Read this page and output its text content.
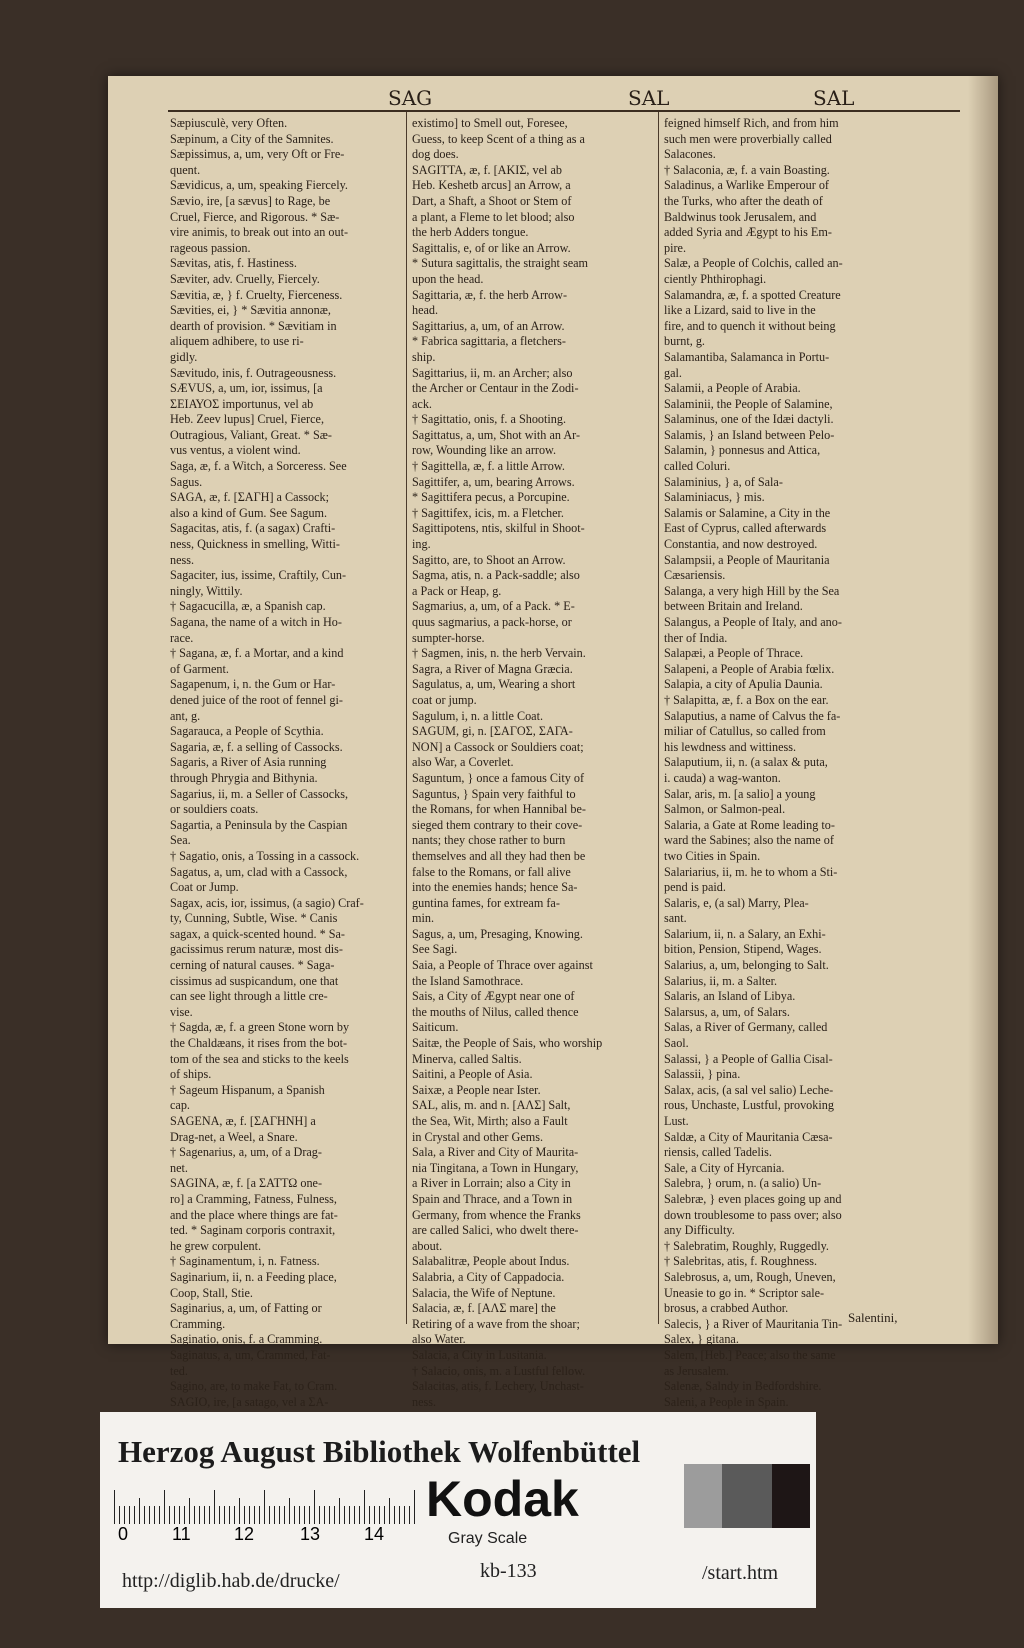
SAG	SAL	SAL
Sæpiusculè, very Often.
Sæpinum, a City of the Samnites.
Sæpissimus, a, um, very Oft or Fre-
quent.
Sævidicus, a, um, speaking Fiercely.
Sævio, ire, [a sævus] to Rage, be
Cruel, Fierce, and Rigorous. * Sæ-
vire animis, to break out into an out-
rageous passion.
Sævitas, atis, f. Hastiness.
Sæviter, adv. Cruelly, Fiercely.
Sævitia, æ, } f. Cruelty, Fierceness.
Sævities, ei, } * Sævitia annonæ,
dearth of provision. * Sævitiam in
aliquem adhibere, to use ri-
gidly.
Sævitudo, inis, f. Outrageousness.
SÆVUS, a, um, ior, issimus, [a
ΣΕΙΑΥΟΣ importunus, vel ab
Heb. Zeev lupus] Cruel, Fierce,
Outragious, Valiant, Great. * Sæ-
vus ventus, a violent wind.
Saga, æ, f. a Witch, a Sorceress. See
Sagus.
SAGA, æ, f. [ΣΑΓΗ] a Cassock;
also a kind of Gum. See Sagum.
Sagacitas, atis, f. (a sagax) Crafti-
ness, Quickness in smelling, Witti-
ness.
Sagaciter, ius, issime, Craftily, Cun-
ningly, Wittily.
† Sagacucilla, æ, a Spanish cap.
Sagana, the name of a witch in Ho-
race.
† Sagana, æ, f. a Mortar, and a kind
of Garment.
Sagapenum, i, n. the Gum or Har-
dened juice of the root of fennel gi-
ant, g.
Sagarauca, a People of Scythia.
Sagaria, æ, f. a selling of Cassocks.
Sagaris, a River of Asia running
through Phrygia and Bithynia.
Sagarius, ii, m. a Seller of Cassocks,
or souldiers coats.
Sagartia, a Peninsula by the Caspian
Sea.
† Sagatio, onis, a Tossing in a cassock.
Sagatus, a, um, clad with a Cassock,
Coat or Jump.
Sagax, acis, ior, issimus, (a sagio) Craf-
ty, Cunning, Subtle, Wise. * Canis
sagax, a quick-scented hound. * Sa-
gacissimus rerum naturæ, most dis-
cerning of natural causes. * Saga-
cissimus ad suspicandum, one that
can see light through a little cre-
vise.
† Sagda, æ, f. a green Stone worn by
the Chaldæans, it rises from the bot-
tom of the sea and sticks to the keels
of ships.
† Sageum Hispanum, a Spanish
cap.
SAGENA, æ, f. [ΣΑΓΗΝΗ] a
Drag-net, a Weel, a Snare.
† Sagenarius, a, um, of a Drag-
net.
SAGINA, æ, f. [a ΣΑΤΤΩ one-
ro] a Cramming, Fatness, Fulness,
and the place where things are fat-
ted. * Saginam corporis contraxit,
he grew corpulent.
† Saginamentum, i, n. Fatness.
Saginarium, ii, n. a Feeding place,
Coop, Stall, Stie.
Saginarius, a, um, of Fatting or
Cramming.
Saginatio, onis, f. a Cramming.
Saginatus, a, um, Crammed, Fat-
ted.
Sagino, are, to make Fat, to Cram.
SAGIO, ire, [a satago, vel a ΣΑ-
existimo] to Smell out, Foresee,
Guess, to keep Scent of a thing as a
dog does.
SAGITTA, æ, f. [ΑΚΙΣ, vel ab
Heb. Keshetb arcus] an Arrow, a
Dart, a Shaft, a Shoot or Stem of
a plant, a Fleme to let blood; also
the herb Adders tongue.
Sagittalis, e, of or like an Arrow.
* Sutura sagittalis, the straight seam
upon the head.
Sagittaria, æ, f. the herb Arrow-
head.
Sagittarius, a, um, of an Arrow.
* Fabrica sagittaria, a fletchers-
ship.
Sagittarius, ii, m. an Archer; also
the Archer or Centaur in the Zodi-
ack.
† Sagittatio, onis, f. a Shooting.
Sagittatus, a, um, Shot with an Ar-
row, Wounding like an arrow.
† Sagittella, æ, f. a little Arrow.
Sagittifer, a, um, bearing Arrows.
* Sagittifera pecus, a Porcupine.
† Sagittifex, icis, m. a Fletcher.
Sagittipotens, ntis, skilful in Shoot-
ing.
Sagitto, are, to Shoot an Arrow.
Sagma, atis, n. a Pack-saddle; also
a Pack or Heap, g.
Sagmarius, a, um, of a Pack. * E-
quus sagmarius, a pack-horse, or
sumpter-horse.
† Sagmen, inis, n. the herb Vervain.
Sagra, a River of Magna Græcia.
Sagulatus, a, um, Wearing a short
coat or jump.
Sagulum, i, n. a little Coat.
SAGUM, gi, n. [ΣΑΓΟΣ, ΣΑΓΑ-
NON] a Cassock or Souldiers coat;
also War, a Coverlet.
Saguntum, } once a famous City of
Saguntus, } Spain very faithful to
the Romans, for when Hannibal be-
sieged them contrary to their cove-
nants; they chose rather to burn
themselves and all they had then be
false to the Romans, or fall alive
into the enemies hands; hence Sa-
guntina fames, for extream fa-
min.
Sagus, a, um, Presaging, Knowing.
See Sagi.
Saia, a People of Thrace over against
the Island Samothrace.
Sais, a City of Ægypt near one of
the mouths of Nilus, called thence
Saiticum.
Saitæ, the People of Sais, who worship
Minerva, called Saltis.
Saitini, a People of Asia.
Saixæ, a People near Ister.
SAL, alis, m. and n. [ΑΛΣ] Salt,
the Sea, Wit, Mirth; also a Fault
in Crystal and other Gems.
Sala, a River and City of Maurita-
nia Tingitana, a Town in Hungary,
a River in Lorrain; also a City in
Spain and Thrace, and a Town in
Germany, from whence the Franks
are called Salici, who dwelt there-
about.
Salabalitræ, People about Indus.
Salabria, a City of Cappadocia.
Salacia, the Wife of Neptune.
Salacia, æ, f. [ΑΛΣ mare] the
Retiring of a wave from the shoar;
also Water.
Salacia, a City in Lusitania.
† Salacio, onis, m. a Lustful fellow.
Salacitas, atis, f. Lechery, Unchast-
ness.
feigned himself Rich, and from him
such men were proverbially called
Salacones.
† Salaconia, æ, f. a vain Boasting.
Saladinus, a Warlike Emperour of
the Turks, who after the death of
Baldwinus took Jerusalem, and
added Syria and Ægypt to his Em-
pire.
Salæ, a People of Colchis, called an-
ciently Phthirophagi.
Salamandra, æ, f. a spotted Creature
like a Lizard, said to live in the
fire, and to quench it without being
burnt, g.
Salamantiba, Salamanca in Portu-
gal.
Salamii, a People of Arabia.
Salaminii, the People of Salamine,
Salaminus, one of the Idæi dactyli.
Salamis, } an Island between Pelo-
Salamin, } ponnesus and Attica,
called Coluri.
Salaminius, } a, of Sala-
Salaminiacus, } mis.
Salamis or Salamine, a City in the
East of Cyprus, called afterwards
Constantia, and now destroyed.
Salampsii, a People of Mauritania
Cæsariensis.
Salanga, a very high Hill by the Sea
between Britain and Ireland.
Salangus, a People of Italy, and ano-
ther of India.
Salapæi, a People of Thrace.
Salapeni, a People of Arabia fœlix.
Salapia, a city of Apulia Daunia.
† Salapitta, æ, f. a Box on the ear.
Salaputius, a name of Calvus the fa-
miliar of Catullus, so called from
his lewdness and wittiness.
Salaputium, ii, n. (a salax & puta,
i. cauda) a wag-wanton.
Salar, aris, m. [a salio] a young
Salmon, or Salmon-peal.
Salaria, a Gate at Rome leading to-
ward the Sabines; also the name of
two Cities in Spain.
Salariarius, ii, m. he to whom a Sti-
pend is paid.
Salaris, e, (a sal) Marry, Plea-
sant.
Salarium, ii, n. a Salary, an Exhi-
bition, Pension, Stipend, Wages.
Salarius, a, um, belonging to Salt.
Salarius, ii, m. a Salter.
Salaris, an Island of Libya.
Salarsus, a, um, of Salars.
Salas, a River of Germany, called
Saol.
Salassi, } a People of Gallia Cisal-
Salassii, } pina.
Salax, acis, (a sal vel salio) Leche-
rous, Unchaste, Lustful, provoking
Lust.
Saldæ, a City of Mauritania Cæsa-
riensis, called Tadelis.
Sale, a City of Hyrcania.
Salebra, } orum, n. (a salio) Un-
Salebræ, } even places going up and
down troublesome to pass over; also
any Difficulty.
† Salebratim, Roughly, Ruggedly.
† Salebritas, atis, f. Roughness.
Salebrosus, a, um, Rough, Uneven,
Uneasie to go in. * Scriptor sale-
brosus, a crabbed Author.
Salecis, } a River of Mauritania Tin-
Salex, } gitana.
Salem, [Heb.] Peace; also the same
as Jerusalem.
Salenæ, Salndy in Bedfordshire.
Saleni, a People in Spain.
Salentini,
Herzog August Bibliothek Wolfenbüttel
0 11 12	13 14
Kodak
Gray Scale
http://diglib.hab.de/drucke/	kb-133	/start.htm
